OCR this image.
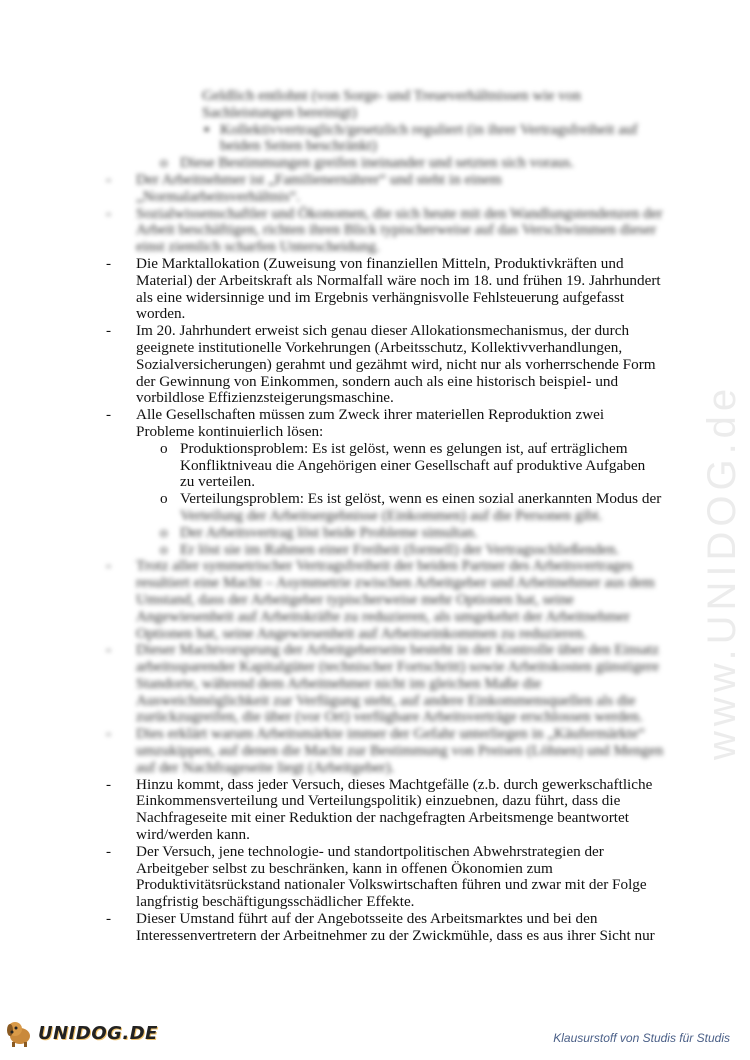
www.UNIDOG.de
Geldlich entlohnt (von Sorge- und Treueverhältnissen wie von
Sachleistungen bereinigt)
▪ Kollektivvertraglich/gesetzlich reguliert (in ihrer Vertragsfreiheit auf
beiden Seiten beschränkt)
o Diese Bestimmungen greifen ineinander und setzten sich voraus.
- Der Arbeitnehmer ist „Familienernährer“ und steht in einem
„Normalarbeitsverhältnis“.
- Sozialwissenschaftler und Ökonomen, die sich heute mit den Wandlungstendenzen der
Arbeit beschäftigen, richten ihren Blick typischerweise auf das Verschwimmen dieser
einst ziemlich scharfen Unterscheidung.
- Die Marktallokation (Zuweisung von finanziellen Mitteln, Produktivkräften und
Material) der Arbeitskraft als Normalfall wäre noch im 18. und frühen 19. Jahrhundert
als eine widersinnige und im Ergebnis verhängnisvolle Fehlsteuerung aufgefasst
worden.
- Im 20. Jahrhundert erweist sich genau dieser Allokationsmechanismus, der durch
geeignete institutionelle Vorkehrungen (Arbeitsschutz, Kollektivverhandlungen,
Sozialversicherungen) gerahmt und gezähmt wird, nicht nur als vorherrschende Form
der Gewinnung von Einkommen, sondern auch als eine historisch beispiel- und
vorbildlose Effizienzsteigerungsmaschine.
- Alle Gesellschaften müssen zum Zweck ihrer materiellen Reproduktion zwei
Probleme kontinuierlich lösen:
o Produktionsproblem: Es ist gelöst, wenn es gelungen ist, auf erträglichem
Konfliktniveau die Angehörigen einer Gesellschaft auf produktive Aufgaben
zu verteilen.
o Verteilungsproblem: Es ist gelöst, wenn es einen sozial anerkannten Modus der
Verteilung der Arbeitsergebnisse (Einkommen) auf die Personen gibt.
o Der Arbeitsvertrag löst beide Probleme simultan.
o Er löst sie im Rahmen einer Freiheit (formell) der Vertragsschließenden.
- Trotz aller symmetrischer Vertragsfreiheit der beiden Partner des Arbeitsvertrages
resultiert eine Macht – Asymmetrie zwischen Arbeitgeber und Arbeitnehmer aus dem
Umstand, dass der Arbeitgeber typischerweise mehr Optionen hat, seine
Angewiesenheit auf Arbeitskräfte zu reduzieren, als umgekehrt der Arbeitnehmer
Optionen hat, seine Angewiesenheit auf Arbeitseinkommen zu reduzieren.
- Dieser Machtvorsprung der Arbeitgeberseite besteht in der Kontrolle über den Einsatz
arbeitssparender Kapitalgüter (technischer Fortschritt) sowie Arbeitskosten günstigere
Standorte, während dem Arbeitnehmer nicht im gleichen Maße die
Ausweichmöglichkeit zur Verfügung steht, auf andere Einkommensquellen als die
zurückzugreifen, die über (vor Ort) verfügbare Arbeitsverträge erschlossen werden.
- Dies erklärt warum Arbeitsmärkte immer der Gefahr unterliegen in „Käufermärkte“
umzukippen, auf denen die Macht zur Bestimmung von Preisen (Löhnen) und Mengen
auf der Nachfrageseite liegt (Arbeitgeber).
- Hinzu kommt, dass jeder Versuch, dieses Machtgefälle (z.b. durch gewerkschaftliche
Einkommensverteilung und Verteilungspolitik) einzuebnen, dazu führt, dass die
Nachfrageseite mit einer Reduktion der nachgefragten Arbeitsmenge beantwortet
wird/werden kann.
- Der Versuch, jene technologie- und standortpolitischen Abwehrstrategien der
Arbeitgeber selbst zu beschränken, kann in offenen Ökonomien zum
Produktivitätsrückstand nationaler Volkswirtschaften führen und zwar mit der Folge
langfristig beschäftigungsschädlicher Effekte.
- Dieser Umstand führt auf der Angebotsseite des Arbeitsmarktes und bei den
Interessenvertretern der Arbeitnehmer zu der Zwickmühle, dass es aus ihrer Sicht nur
UNIDOG.DE	Klausurstoff von Studis für Studis
